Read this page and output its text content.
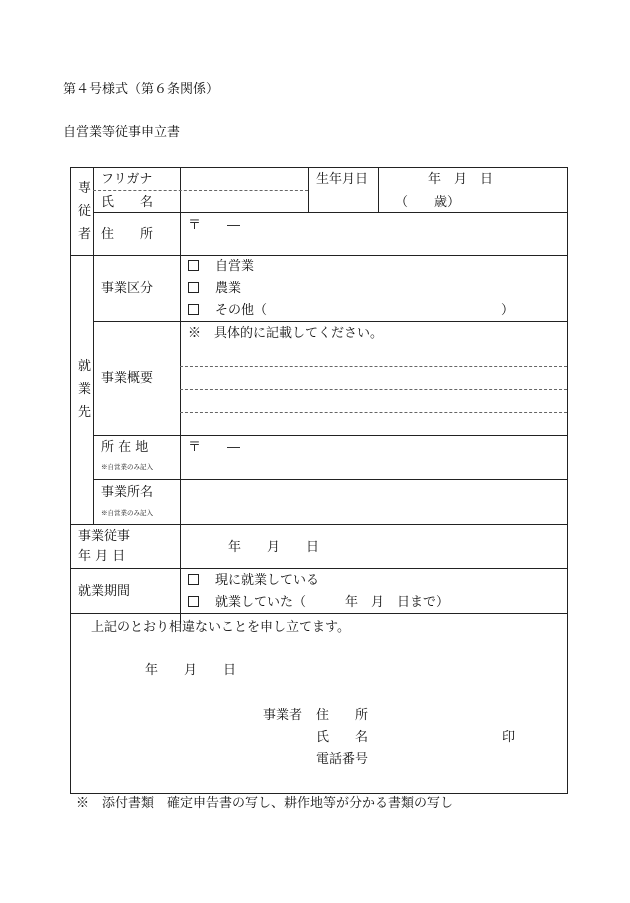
第４号様式（第６条関係）
自営業等従事申立書
専
従
者
フリガナ
氏　　名
生年月日	年　月　日
（　　歳）
住　　所
〒　　―
就
業
先
事業区分
自営業
農業
その他（　　　　　　　　　　　　　　　　　　）
事業概要
※　具体的に記載してください。
所 在 地
※自営業のみ記入
〒　　―
事業所名
※自営業のみ記入
事業従事
年 月 日
年　　月　　日
就業期間
現に就業している
就業していた（　　　年　月　日まで）
上記のとおり相違ないことを申し立てます。
年　　月　　日
事業者 住　　所
氏　　名	印
電話番号
※　添付書類　確定申告書の写し、耕作地等が分かる書類の写し
